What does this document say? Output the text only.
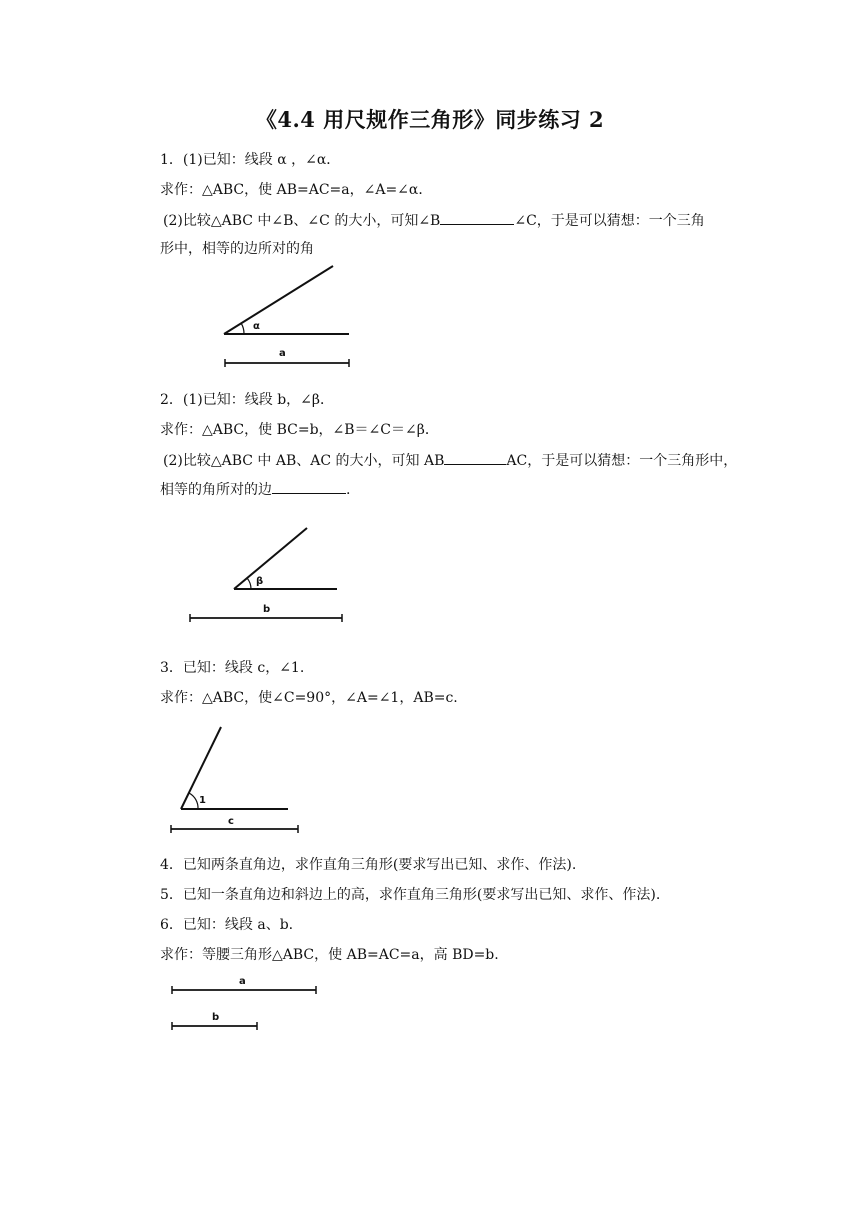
《4.4 用尺规作三角形》同步练习 2
1．(1)已知：线段 α ，∠α．
求作：△ABC，使 AB=AC=a，∠A=∠α．
(2)比较△ABC 中∠B、∠C 的大小，可知∠B	∠C，于是可以猜想：一个三角
形中，相等的边所对的角
2．(1)已知：线段 b，∠β．
求作：△ABC，使 BC=b，∠B＝∠C＝∠β．
(2)比较△ABC 中 AB、AC 的大小，可知 AB	AC，于是可以猜想：一个三角形中，
相等的角所对的边	.
3．已知：线段 c，∠1.
求作：△ABC，使∠C=90°，∠A=∠1，AB=c.
4．已知两条直角边，求作直角三角形(要求写出已知、求作、作法).
5．已知一条直角边和斜边上的高，求作直角三角形(要求写出已知、求作、作法).
6．已知：线段 a、b.
求作：等腰三角形△ABC，使 AB=AC=a，高 BD=b.
α
a
β
b
1
c
a
b
